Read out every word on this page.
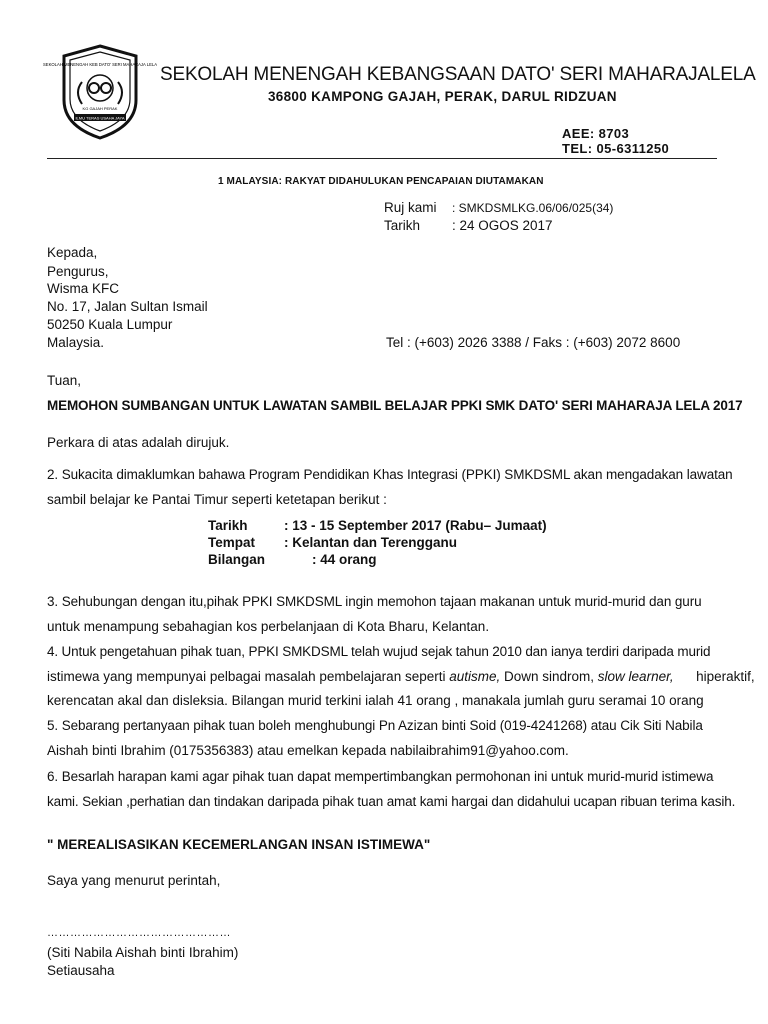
SEKOLAH MENENGAH KEB DATO' SERI MAHARAJA LELA
KG GAJAH PERAK
ILMU TERAS USAHA JAYA
SEKOLAH MENENGAH KEBANGSAAN DATO' SERI MAHARAJALELA
36800 KAMPONG GAJAH, PERAK, DARUL RIDZUAN
AEE: 8703
TEL: 05-6311250
1 MALAYSIA: RAKYAT DIDAHULUKAN PENCAPAIAN DIUTAMAKAN
Ruj kami : SMKDSMLKG.06/06/025(34)
Tarikh : 24 OGOS 2017
Kepada,
Pengurus,
Wisma KFC
No. 17, Jalan Sultan Ismail
50250 Kuala Lumpur
Malaysia.	Tel : (+603) 2026 3388 / Faks : (+603) 2072 8600
Tuan,
MEMOHON SUMBANGAN UNTUK LAWATAN SAMBIL BELAJAR PPKI SMK DATO' SERI MAHARAJA LELA 2017
Perkara di atas adalah dirujuk.
2. Sukacita dimaklumkan bahawa Program Pendidikan Khas Integrasi (PPKI) SMKDSML akan mengadakan lawatan
sambil belajar ke Pantai Timur seperti ketetapan berikut :
Tarikh	: 13 - 15 September 2017 (Rabu– Jumaat)
Tempat : Kelantan dan Terengganu
Bilangan	: 44 orang
3. Sehubungan dengan itu,pihak PPKI SMKDSML ingin memohon tajaan makanan untuk murid-murid dan guru
untuk menampung sebahagian kos perbelanjaan di Kota Bharu, Kelantan.
4. Untuk pengetahuan pihak tuan, PPKI SMKDSML telah wujud sejak tahun 2010 dan ianya terdiri daripada murid
istimewa yang mempunyai pelbagai masalah pembelajaran seperti autisme, Down sindrom, slow learner,      hiperaktif,
kerencatan akal dan disleksia. Bilangan murid terkini ialah 41 orang , manakala jumlah guru seramai 10 orang
5. Sebarang pertanyaan pihak tuan boleh menghubungi Pn Azizan binti Soid (019-4241268) atau Cik Siti Nabila
Aishah binti Ibrahim (0175356383) atau emelkan kepada nabilaibrahim91@yahoo.com.
6. Besarlah harapan kami agar pihak tuan dapat mempertimbangkan permohonan ini untuk murid-murid istimewa
kami. Sekian ,perhatian dan tindakan daripada pihak tuan amat kami hargai dan didahului ucapan ribuan terima kasih.
" MEREALISASIKAN KECEMERLANGAN INSAN ISTIMEWA"
Saya yang menurut perintah,
…………………………………………
(Siti Nabila Aishah binti Ibrahim)
Setiausaha
